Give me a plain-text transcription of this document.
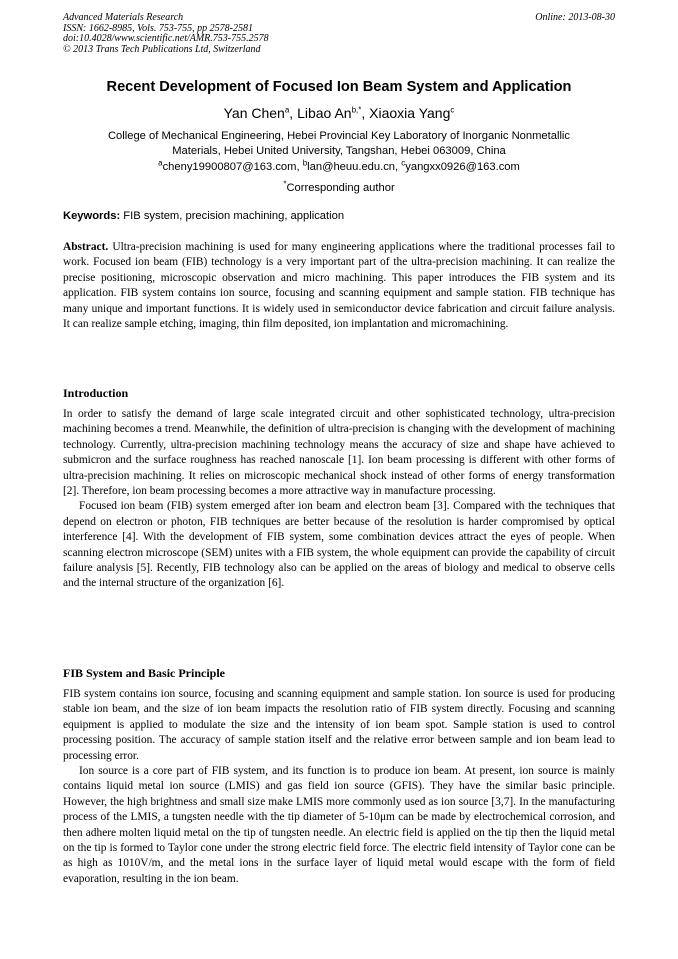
Advanced Materials Research
ISSN: 1662-8985, Vols. 753-755, pp 2578-2581
doi:10.4028/www.scientific.net/AMR.753-755.2578
© 2013 Trans Tech Publications Ltd, Switzerland
Online: 2013-08-30
Recent Development of Focused Ion Beam System and Application
Yan Chen$^a$, Libao $An^{b,*}$, Xiaoxia Yang$^c$
College of Mechanical Engineering, Hebei Provincial Key Laboratory of Inorganic Nonmetallic
Materials, Hebei United University, Tangshan, Hebei 063009, China
$^a$cheny19900807@163.com, $^b$lan@heuu.edu.cn, $^c$yangxx0926@163.com
*Corresponding author
Keywords: FIB system, precision machining, application

Abstract. Ultra-precision machining is used for many engineering applications where the traditional processes fail to work. Focused ion beam (FIB) technology is a very important part of the ultra-precision machining. It can realize the precise positioning, microscopic observation and micro machining. This paper introduces the FIB system and its application. FIB system contains ion source, focusing and scanning equipment and sample station. FIB technique has many unique and important functions. It is widely used in semiconductor device fabrication and circuit failure analysis. It can realize sample etching, imaging, thin film deposited, ion implantation and micromachining.

Introduction

In order to satisfy the demand of large scale integrated circuit and other sophisticated technology, ultra-precision machining becomes a trend. Meanwhile, the definition of ultra-precision is changing with the development of machining technology. Currently, ultra-precision machining technology means the accuracy of size and shape have achieved to submicron and the surface roughness has reached nanoscale [1]. Ion beam processing is different with other forms of ultra-precision machining. It relies on microscopic mechanical shock instead of other forms of energy transformation [2]. Therefore, ion beam processing becomes a more attractive way in manufacture processing.

Focused ion beam (FIB) system emerged after ion beam and electron beam [3]. Compared with the techniques that depend on electron or photon, FIB techniques are better because of the resolution is harder compromised by optical interference [4]. With the development of FIB system, some combination devices attract the eyes of people. When scanning electron microscope (SEM) unites with a FIB system, the whole equipment can provide the capability of circuit failure analysis [5]. Recently, FIB technology also can be applied on the areas of biology and medical to observe cells and the internal structure of the organization [6].

FIB System and Basic Principle

FIB system contains ion source, focusing and scanning equipment and sample station. Ion source is used for producing stable ion beam, and the size of ion beam impacts the resolution ratio of FIB system directly. Focusing and scanning equipment is applied to modulate the size and the intensity of ion beam spot. Sample station is used to control processing position. The accuracy of sample station itself and the relative error between sample and ion beam lead to processing error.

Ion source is a core part of FIB system, and its function is to produce ion beam. At present, ion source is mainly contains liquid metal ion source (LMIS) and gas field ion source (GFIS). They have the similar basic principle. However, the high brightness and small size make LMIS more commonly used as ion source [3,7]. In the manufacturing process of the LMIS, a tungsten needle with the tip diameter of 5-10μm can be made by electrochemical corrosion, and then adhere molten liquid metal on the tip of tungsten needle. An electric field is applied on the tip then the liquid metal on the tip is formed to Taylor cone under the strong electric field force. The electric field intensity of Taylor cone can be as high as 1010V/m, and the metal ions in the surface layer of liquid metal would escape with the form of field evaporation, resulting in the ion beam.
